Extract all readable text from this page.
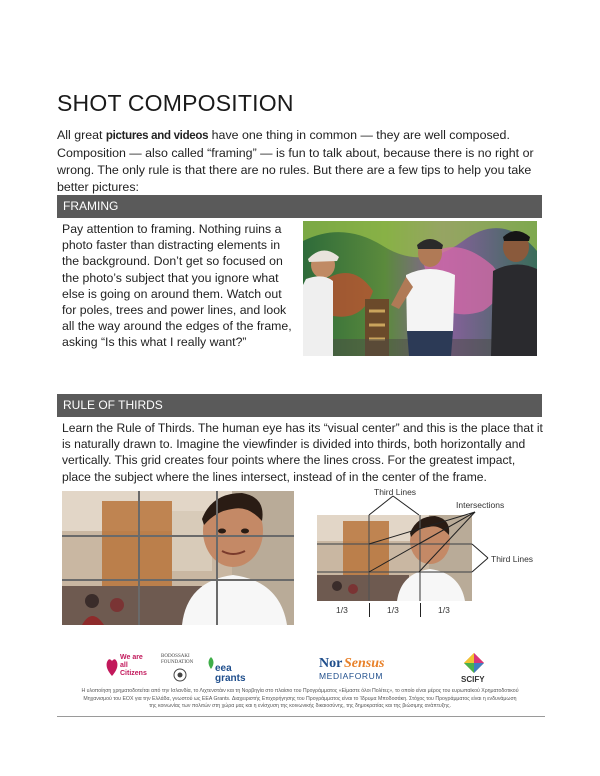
SHOT COMPOSITION

All great pictures and videos have one thing in common — they are well composed. Composition — also called “framing” — is fun to talk about, because there is no right or wrong. The only rule is that there are no rules. But there are a few tips to help you take better pictures:

FRAMING

Pay attention to framing. Nothing ruins a photo faster than distracting elements in the background. Don’t get so focused on the photo’s subject that you ignore what else is going on around them. Watch out for poles, trees and power lines, and look all the way around the edges of the frame, asking “Is this what I really want?”

RULE OF THIRDS

Learn the Rule of Thirds. The human eye has its “visual center” and this is the place that it is naturally drawn to. Imagine the viewfinder is divided into thirds, both horizontally and vertically. This grid creates four points where the lines cross. For the greatest impact, place the subject where the lines intersect, instead of in the center of the frame.

Third Lines
Intersections
Third Lines
1/3	1/3	1/3
We are
all
Citizens
BODOSSAKI
FOUNDATION
eea
grants
Nor Sensus
MEDIAFORUM	SCIFY

Η υλοποίηση χρηματοδοτείται από την Ισλανδία, το Λιχτενστάιν και τη Νορβηγία στο πλαίσιο του Προγράμματος «Είμαστε όλοι Πολίτες», το οποίο είναι μέρος του ευρωπαϊκού Χρηματοδοτικού Μηχανισμού του ΕΟΧ για την Ελλάδα, γνωστού ως EEA Grants. Διαχειριστής Επιχορήγησης του Προγράμματος είναι το Ίδρυμα Μποδοσάκη. Στόχος του Προγράμματος είναι η ενδυνάμωση της κοινωνίας των πολιτών στη χώρα μας και η ενίσχυση της κοινωνικής δικαιοσύνης, της δημοκρατίας και της βιώσιμης ανάπτυξης.
